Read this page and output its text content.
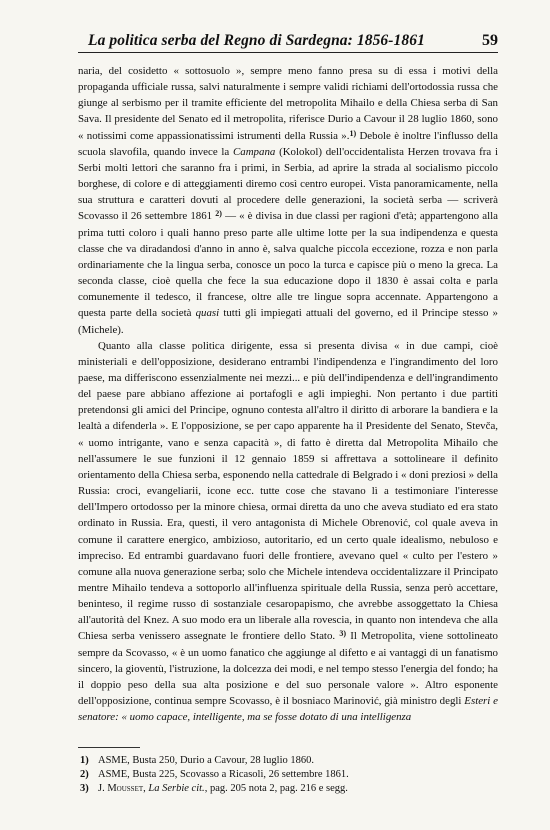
La politica serba del Regno di Sardegna: 1856-1861	59

naria, del cosidetto « sottosuolo », sempre meno fanno presa su di essa i motivi della propaganda ufficiale russa, salvi naturalmente i sempre validi richiami dell'ortodossia russa che giunge al serbismo per il tramite efficiente del metropolita Mihailo e della Chiesa serba di San Sava. Il presidente del Senato ed il metropolita, riferisce Durio a Cavour il 28 luglio 1860, sono « notissimi come appassionatissimi istrumenti della Russia ».$^{1)}$ Debole è inoltre l'influsso della scuola slavofila, quando invece la Campana (Kolokol) dell'occidentalista Herzen trovava fra i Serbi molti lettori che saranno fra i primi, in Serbia, ad aprire la strada al socialismo piccolo borghese, di colore e di atteggiamenti diremo così centro europei. Vista panoramicamente, nella sua struttura e caratteri dovuti al procedere delle generazioni, la società serba — scriverà Scovasso il 26 settembre 1861 $^{2)}$ — « è divisa in due classi per ragioni d'età; appartengono alla prima tutti coloro i quali hanno preso parte alle ultime lotte per la sua indipendenza e questa classe che va diradandosi d'anno in anno è, salva qualche piccola eccezione, rozza e non parla ordinariamente che la lingua serba, conosce un poco la turca e capisce più o meno la greca. La seconda classe, cioè quella che fece la sua educazione dopo il 1830 è assai colta e parla comunemente il tedesco, il francese, oltre alle tre lingue sopra accennate. Appartengono a questa parte della società quasi tutti gli impiegati attuali del governo, ed il Principe stesso » (Michele).

Quanto alla classe politica dirigente, essa si presenta divisa « in due campi, cioè ministeriali e dell'opposizione, desiderano entrambi l'indipendenza e l'ingrandimento del loro paese, ma differiscono essenzialmente nei mezzi... e più dell'indipendenza e dell'ingrandimento del paese pare abbiano affezione ai portafogli e agli impieghi. Non pertanto i due partiti pretendonsi gli amici del Principe, ognuno contesta all'altro il diritto di arborare la bandiera e la lealtà a difenderla ». E l'opposizione, se per capo apparente ha il Presidente del Senato, Stevča, « uomo intrigante, vano e senza capacità », di fatto è diretta dal Metropolita Mihailo che nell'assumere le sue funzioni il 12 gennaio 1859 si affrettava a sottolineare il definito orientamento della Chiesa serba, esponendo nella cattedrale di Belgrado i « doni preziosi » della Russia: croci, evangeliarii, icone ecc. tutte cose che stavano lì a testimoniare l'interesse dell'Impero ortodosso per la minore chiesa, ormai diretta da uno che aveva studiato ed era stato ordinato in Russia. Era, questi, il vero antagonista di Michele Obrenović, col quale aveva in comune il carattere energico, ambizioso, autoritario, ed un certo quale idealismo, nebuloso e impreciso. Ed entrambi guardavano fuori delle frontiere, avevano quel « culto per l'estero » comune alla nuova generazione serba; solo che Michele intendeva occidentalizzare il Principato mentre Mihailo tendeva a sottoporlo all'influenza spirituale della Russia, senza però accettare, beninteso, il regime russo di sostanziale cesaropapismo, che avrebbe assoggettato la Chiesa all'autorità del Knez. A suo modo era un liberale alla rovescia, in quanto non intendeva che alla Chiesa serba venissero assegnate le frontiere dello Stato. $^{3)}$ Il Metropolita, viene sottolineato sempre da Scovasso, « è un uomo fanatico che aggiunge al difetto e ai vantaggi di un fanatismo sincero, la gioventù, l'istruzione, la dolcezza dei modi, e nel tempo stesso l'energia del fondo; ha il doppio peso della sua alta posizione e del suo personale valore ». Altro esponente dell'opposizione, continua sempre Scovasso, è il bosniaco Marinović, già ministro degli Esteri e senatore: « uomo capace, intelligente, ma se fosse dotato di una intelligenza

1) ASME, Busta 250, Durio a Cavour, 28 luglio 1860.
2) ASME, Busta 225, Scovasso a Ricasoli, 26 settembre 1861.
3) J. Mousset, La Serbie cit., pag. 205 nota 2, pag. 216 e segg.
